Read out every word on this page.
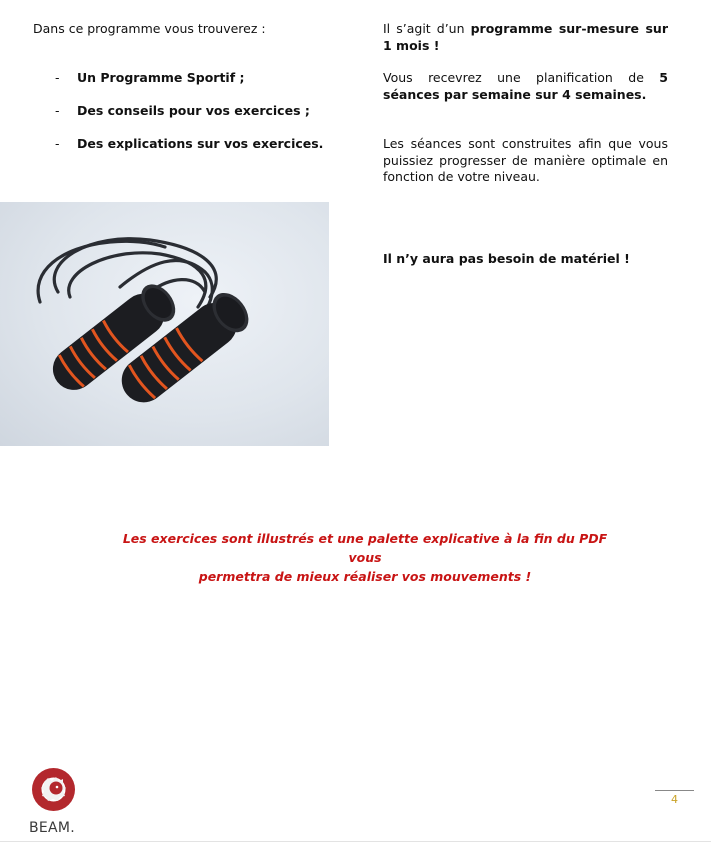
Dans ce programme vous trouverez :
- Un Programme Sportif ;
- Des conseils pour vos exercices ;
- Des explications sur vos exercices.
Il s’agit d’un programme sur-mesure sur 1 mois !
Vous recevrez une planification de 5 séances par semaine sur 4 semaines.
Les séances sont construites afin que vous puissiez progresser de manière optimale en fonction de votre niveau.
Il n’y aura pas besoin de matériel !
Les exercices sont illustrés et une palette explicative à la fin du PDF vous
permettra de mieux réaliser vos mouvements !
BEAM.
4
